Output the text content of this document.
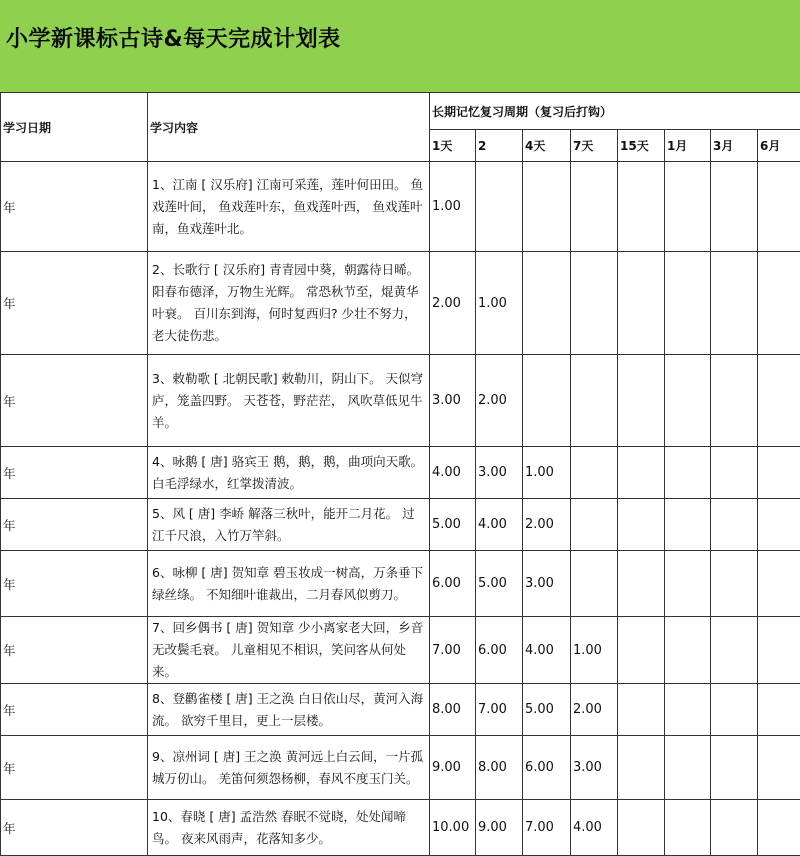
小学新课标古诗&每天完成计划表
学习日期	学习内容	长期记忆复习周期（复习后打钩）							
		1天	2	4天	7天	15天	1月	3月	6月
年	1、江南 [ 汉乐府] 江南可采莲，莲叶何田田。 鱼戏莲叶间， 鱼戏莲叶东，鱼戏莲叶西， 鱼戏莲叶南，鱼戏莲叶北。	1.00							
年	2、长歌行 [ 汉乐府] 青青园中葵，朝露待日晞。 阳春布德泽，万物生光辉。 常恐秋节至，焜黄华叶衰。 百川东到海，何时复西归? 少壮不努力，老大徒伤悲。	2.00	1.00						
年	3、敕勒歌 [ 北朝民歌] 敕勒川，阴山下。 天似穹庐，笼盖四野。 天苍苍，野茫茫， 风吹草低见牛羊。	3.00	2.00						
年	4、咏鹅 [ 唐] 骆宾王 鹅，鹅，鹅，曲项向天歌。 白毛浮绿水，红掌拨清波。	4.00	3.00	1.00					
年	5、风 [ 唐] 李峤 解落三秋叶，能开二月花。 过江千尺浪，入竹万竿斜。	5.00	4.00	2.00					
年	6、咏柳 [ 唐] 贺知章 碧玉妆成一树高，万条垂下绿丝绦。 不知细叶谁裁出，二月春风似剪刀。	6.00	5.00	3.00					
年	7、回乡偶书 [ 唐] 贺知章 少小离家老大回，乡音无改鬓毛衰。 儿童相见不相识，笑问客从何处来。	7.00	6.00	4.00	1.00				
年	8、登鹳雀楼 [ 唐] 王之涣 白日依山尽，黄河入海流。 欲穷千里目，更上一层楼。	8.00	7.00	5.00	2.00				
年	9、凉州词 [ 唐] 王之涣 黄河远上白云间，一片孤城万仞山。 羌笛何须怨杨柳，春风不度玉门关。	9.00	8.00	6.00	3.00				
年	10、春晓 [ 唐] 孟浩然 春眠不觉晓，处处闻啼鸟。 夜来风雨声，花落知多少。	10.00	9.00	7.00	4.00				
